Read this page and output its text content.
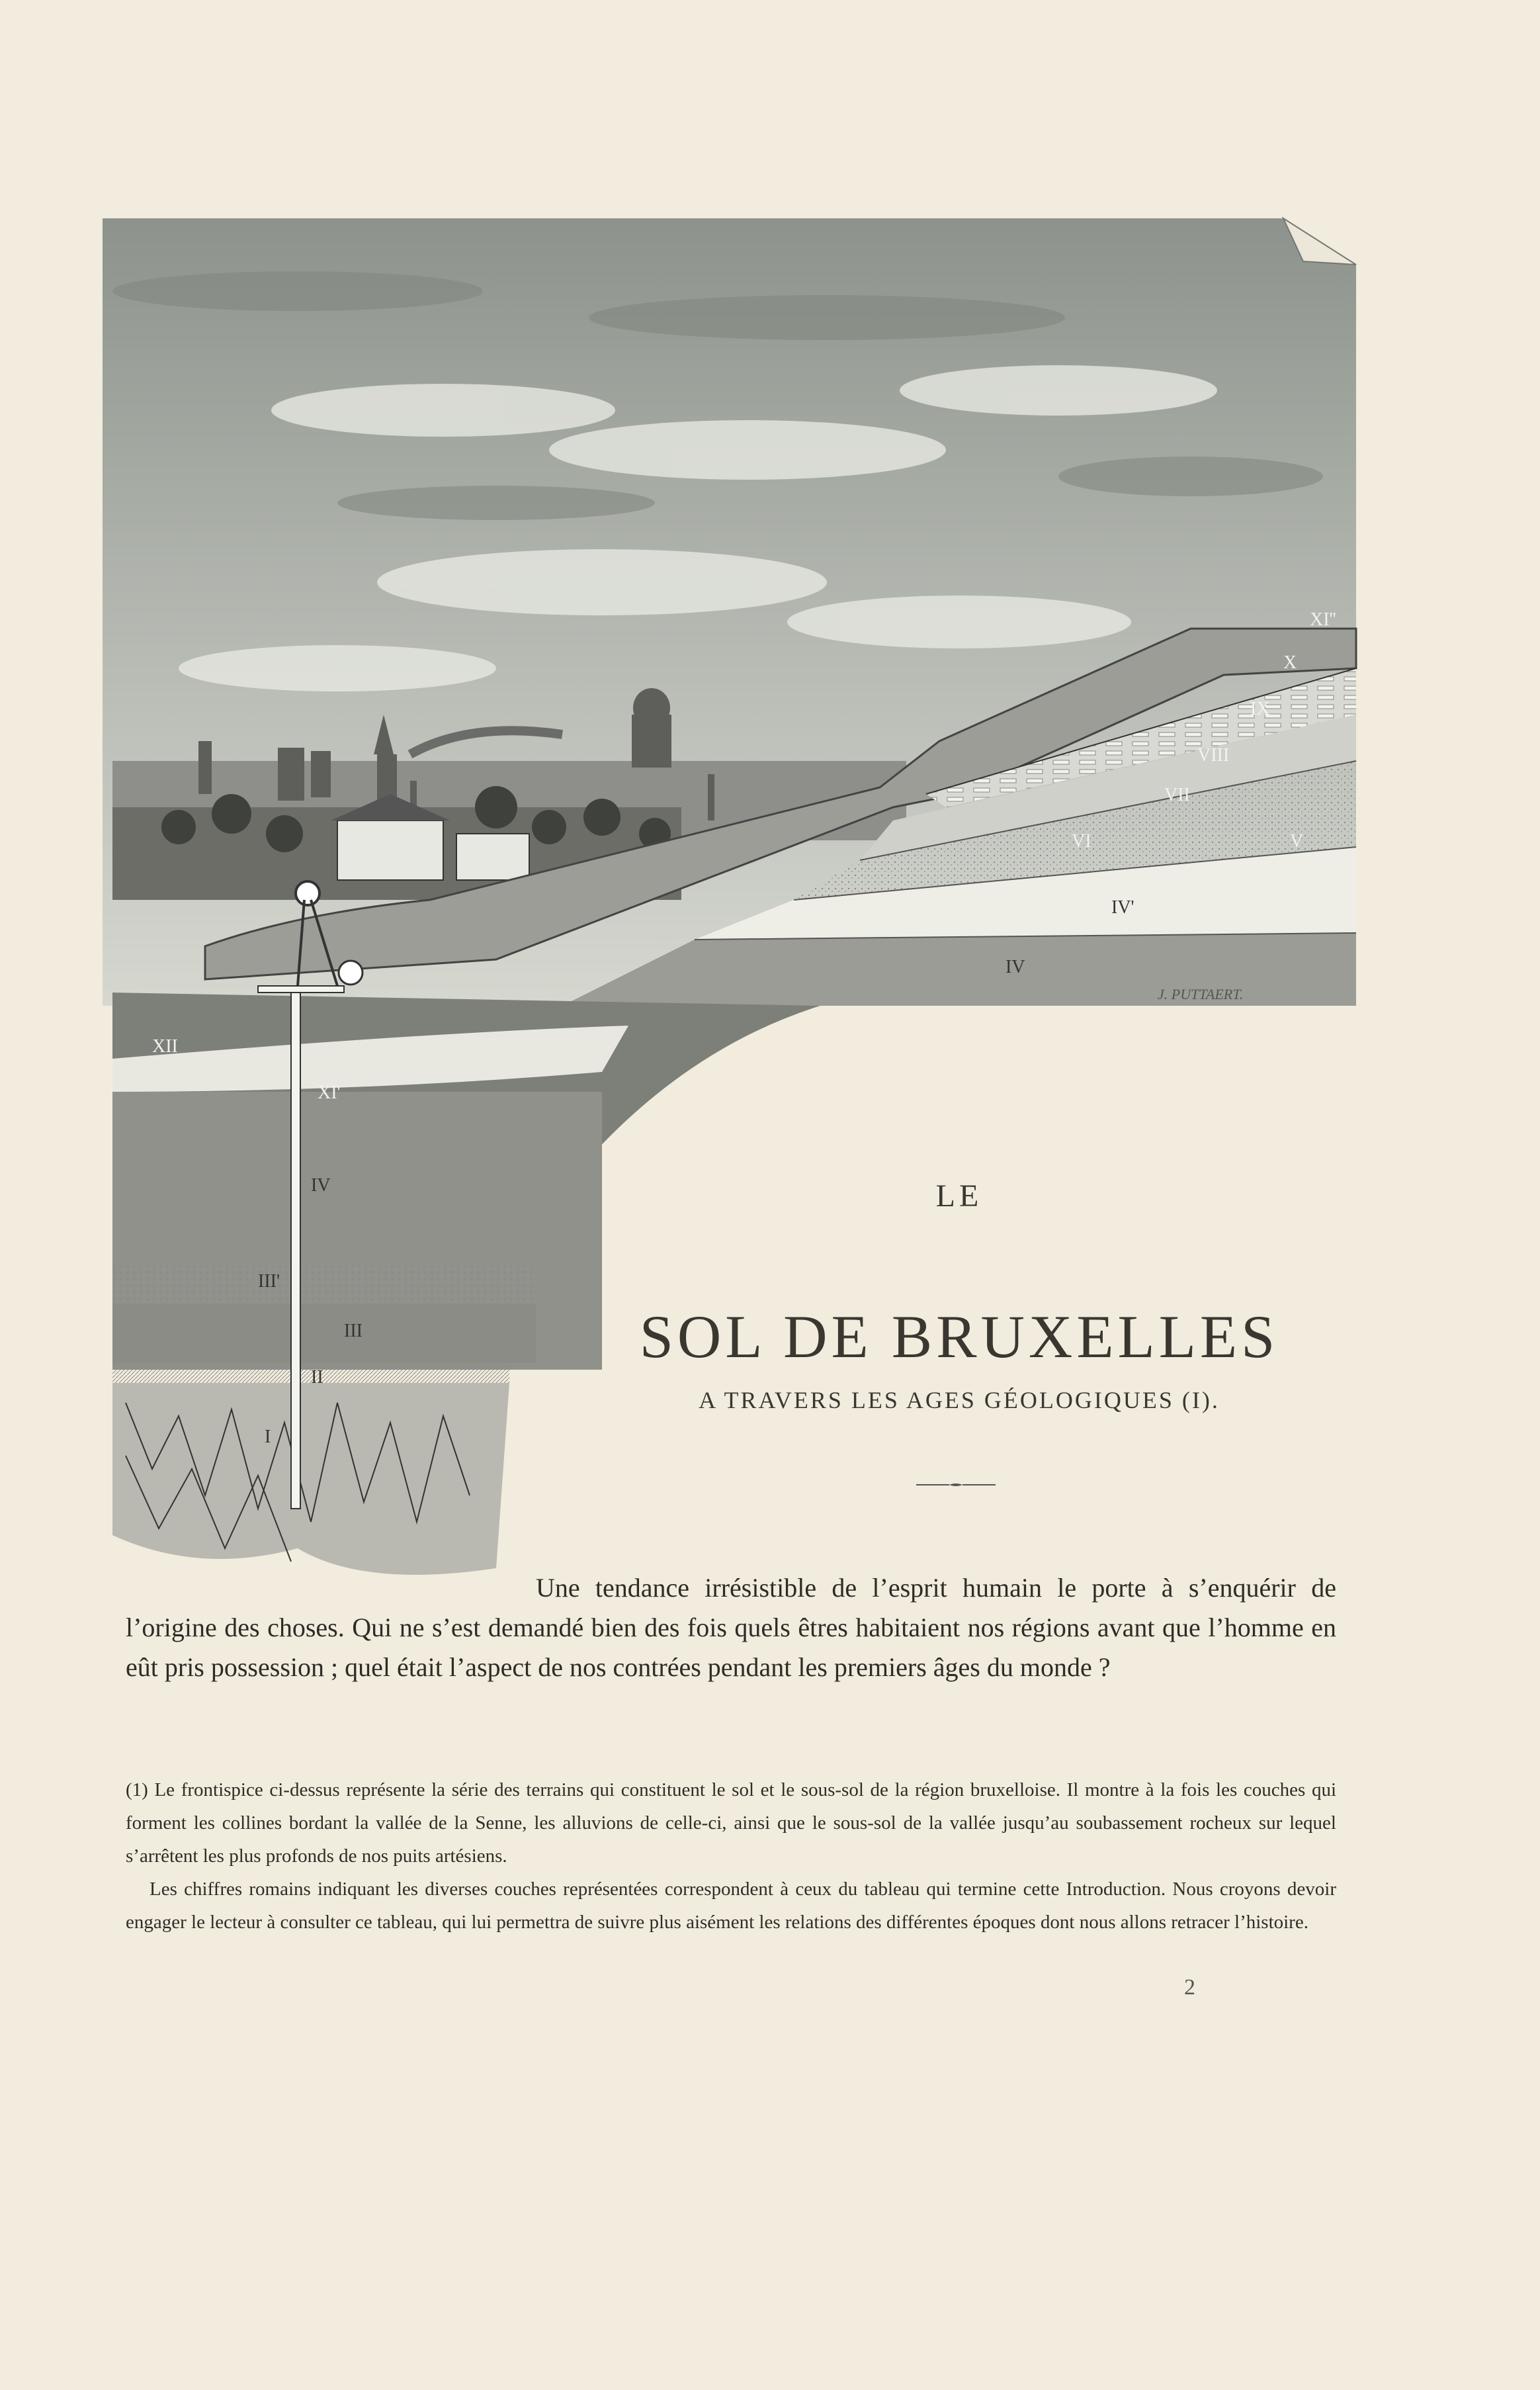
XI''
X
IX
VIII
VII
VI	V
IV'
IV
XII
XI'
IV
III'
III
II
I
J. PUTTAERT.
LE
SOL DE BRUXELLES
A TRAVERS LES AGES GÉOLOGIQUES (I).

Une tendance irrésistible de l’esprit humain le porte à s’enquérir de l’origine des choses. Qui ne s’est demandé bien des fois quels êtres habitaient nos régions avant que l’homme en eût pris possession ; quel était l’aspect de nos contrées pendant les premiers âges du monde ?

(1) Le frontispice ci-dessus représente la série des terrains qui constituent le sol et le sous-sol de la région bruxelloise. Il montre à la fois les couches qui forment les collines bordant la vallée de la Senne, les alluvions de celle-ci, ainsi que le sous-sol de la vallée jusqu’au soubassement rocheux sur lequel s’arrêtent les plus profonds de nos puits artésiens.

Les chiffres romains indiquant les diverses couches représentées correspondent à ceux du tableau qui termine cette Introduction. Nous croyons devoir engager le lecteur à consulter ce tableau, qui lui permettra de suivre plus aisément les relations des différentes époques dont nous allons retracer l’histoire.

2
